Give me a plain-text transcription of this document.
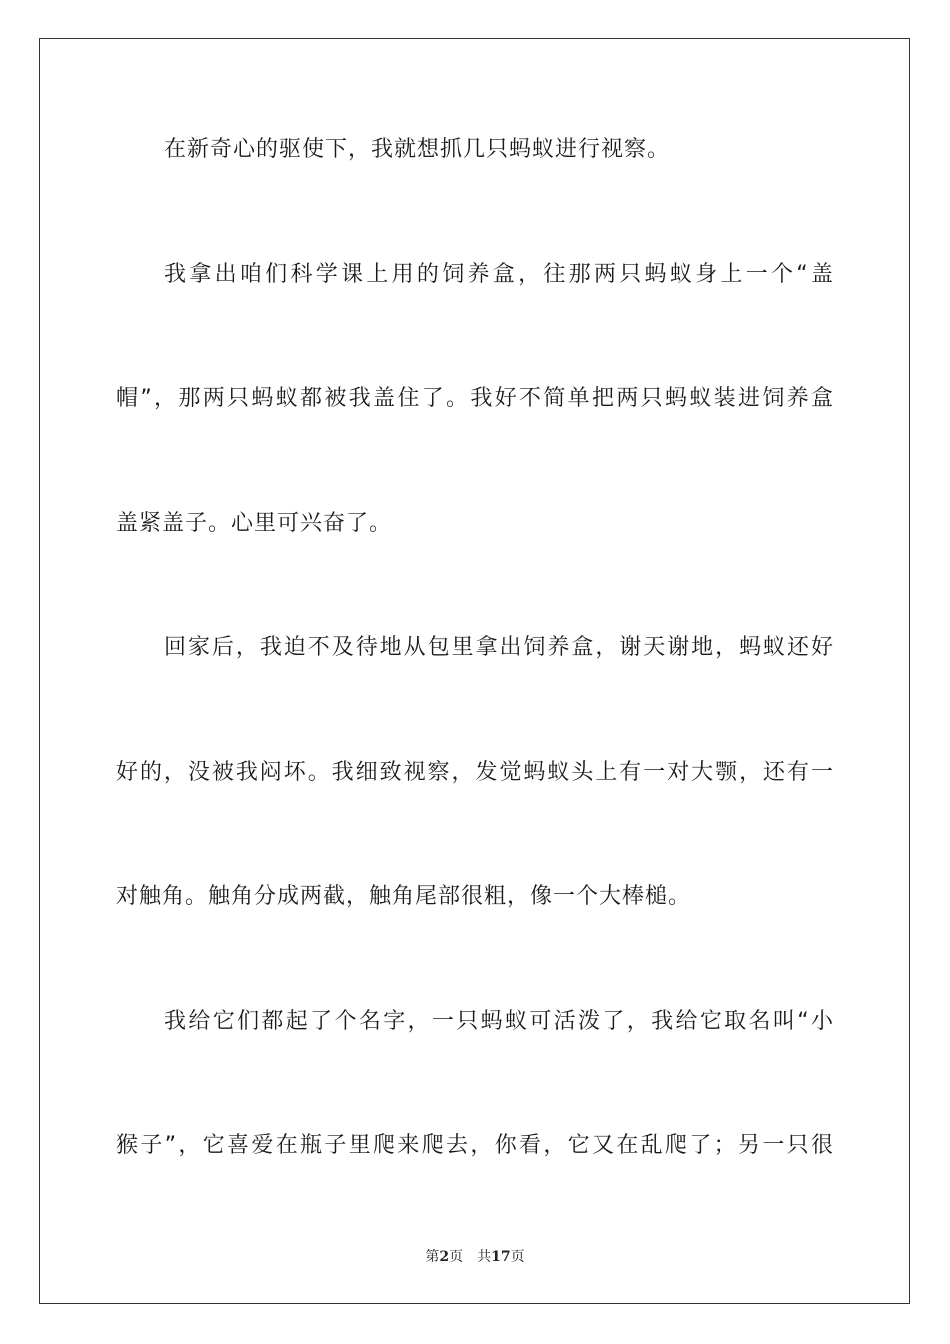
在新奇心的驱使下，我就想抓几只蚂蚁进行视察。
我拿出咱们科学课上用的饲养盒，往那两只蚂蚁身上一个“盖
帽”，那两只蚂蚁都被我盖住了。我好不简单把两只蚂蚁装进饲养盒
盖紧盖子。心里可兴奋了。
回家后，我迫不及待地从包里拿出饲养盒，谢天谢地，蚂蚁还好
好的，没被我闷坏。我细致视察，发觉蚂蚁头上有一对大颚，还有一
对触角。触角分成两截，触角尾部很粗，像一个大棒槌。
我给它们都起了个名字，一只蚂蚁可活泼了，我给它取名叫“小
猴子”，它喜爱在瓶子里爬来爬去，你看，它又在乱爬了；另一只很
第2页 共17页
